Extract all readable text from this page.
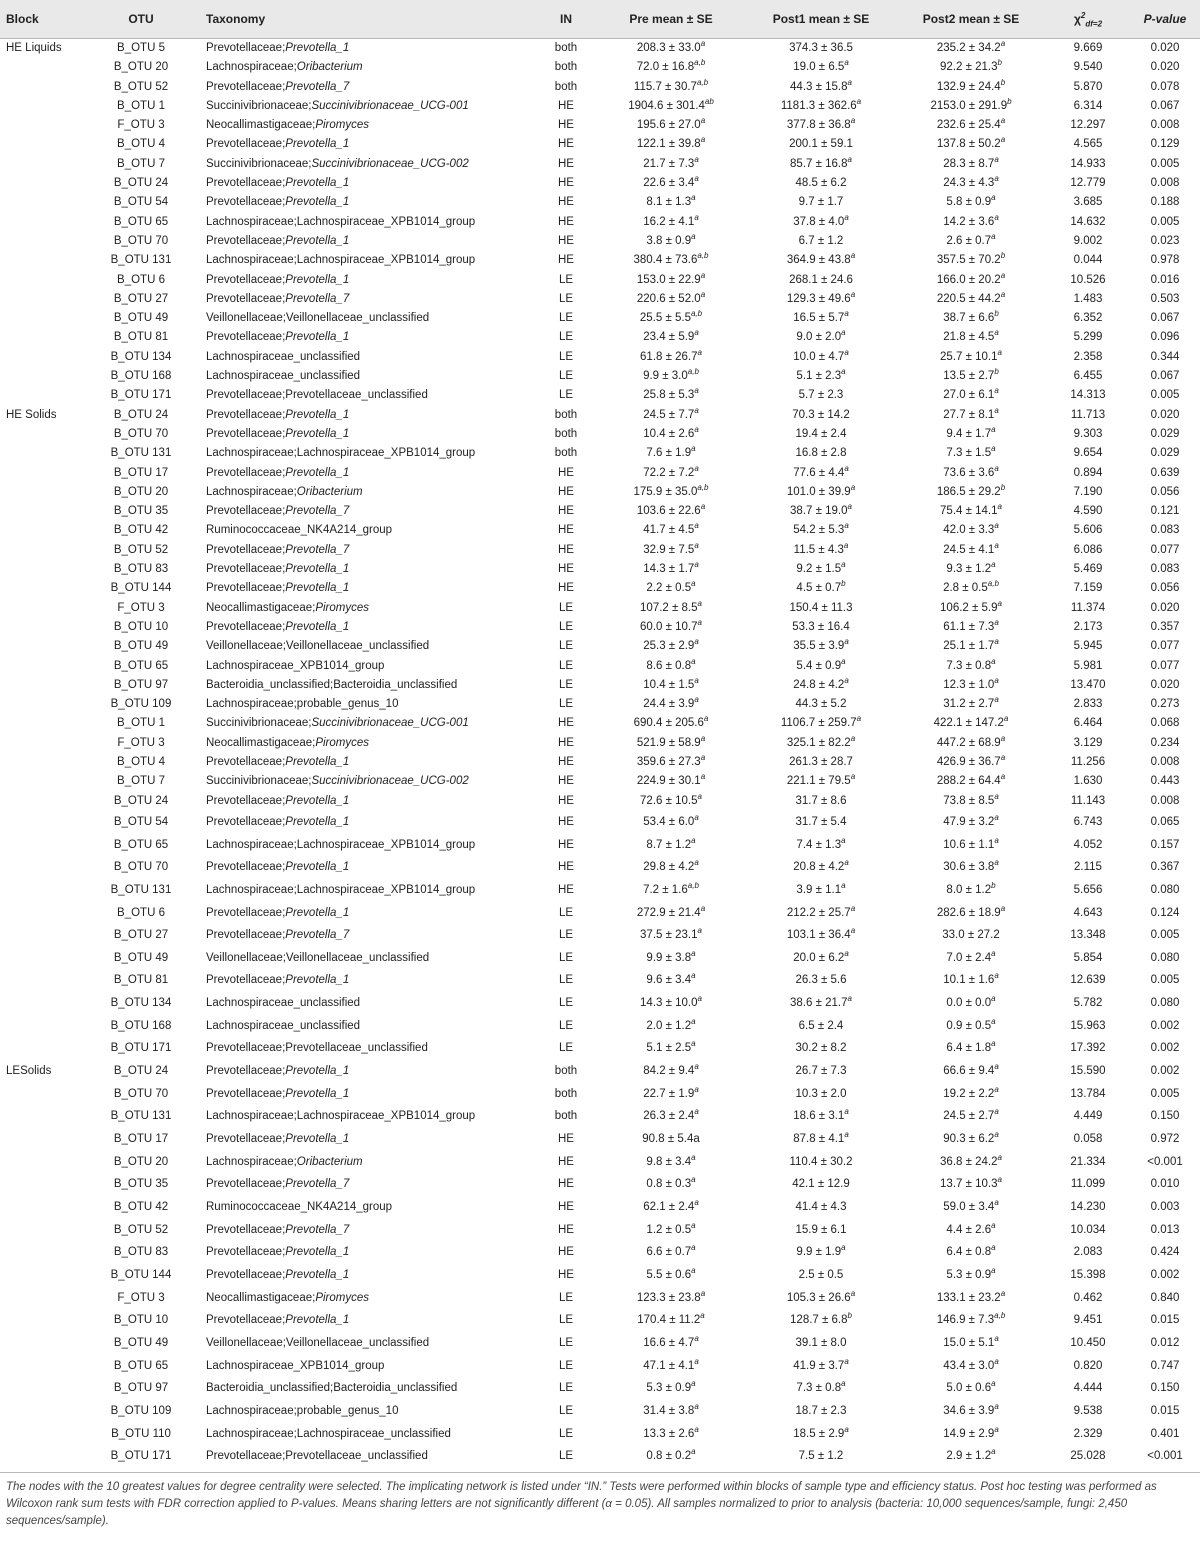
Block	OTU	Taxonomy	IN	Pre mean ± SE	Post1 mean ± SE	Post2 mean ± SE	$\chi^2_{df=2}$	P-value
HE Liquids	B_OTU 5	Prevotellaceae;Prevotella_1	both	208.3 ± 33.0$^a$	374.3 ± 36.5	235.2 ± 34.2$^a$	9.669	0.020
	B_OTU 20	Lachnospiraceae;Oribacterium	both	$72.0 \pm 16.8^{a,b}$	19.0 ± 6.5$^a$	92.2 ± 21.3$^b$	9.540	0.020
	B_OTU 52	Prevotellaceae;Prevotella_7	both	$115.7 \pm 30.7^{a,b}$	44.3 ± 15.8$^a$	132.9 ± 24.4$^b$	5.870	0.078
	B_OTU 1	Succinivibrionaceae;Succinivibrionaceae_UCG-001	HE	1904.6 ± 301.4$^{ab}$	1181.3 ± 362.6$^a$	2153.0 ± 291.9$^b$	6.314	0.067
	F_OTU 3	Neocallimastigaceae;Piromyces	HE	195.6 ± 27.0$^a$	377.8 ± 36.8$^a$	232.6 ± 25.4$^a$	12.297	0.008
	B_OTU 4	Prevotellaceae;Prevotella_1	HE	122.1 ± 39.8$^a$	200.1 ± 59.1	137.8 ± 50.2$^a$	4.565	0.129
	B_OTU 7	Succinivibrionaceae;Succinivibrionaceae_UCG-002	HE	21.7 ± 7.3$^a$	85.7 ± 16.8$^a$	28.3 ± 8.7$^a$	14.933	0.005
	B_OTU 24	Prevotellaceae;Prevotella_1	HE	22.6 ± 3.4$^a$	48.5 ± 6.2	24.3 ± 4.3$^a$	12.779	0.008
	B_OTU 54	Prevotellaceae;Prevotella_1	HE	8.1 ± 1.3$^a$	9.7 ± 1.7	5.8 ± 0.9$^a$	3.685	0.188
	B_OTU 65	Lachnospiraceae;Lachnospiraceae_XPB1014_group	HE	16.2 ± 4.1$^a$	37.8 ± 4.0$^a$	14.2 ± 3.6$^a$	14.632	0.005
	B_OTU 70	Prevotellaceae;Prevotella_1	HE	3.8 ± 0.9$^a$	6.7 ± 1.2	2.6 ± 0.7$^a$	9.002	0.023
	B_OTU 131	Lachnospiraceae;Lachnospiraceae_XPB1014_group	HE	$380.4 \pm 73.6^{a,b}$	364.9 ± 43.8$^a$	357.5 ± 70.2$^b$	0.044	0.978
	B_OTU 6	Prevotellaceae;Prevotella_1	LE	153.0 ± 22.9$^a$	268.1 ± 24.6	166.0 ± 20.2$^a$	10.526	0.016
	B_OTU 27	Prevotellaceae;Prevotella_7	LE	220.6 ± 52.0$^a$	129.3 ± 49.6$^a$	220.5 ± 44.2$^a$	1.483	0.503
	B_OTU 49	Veillonellaceae;Veillonellaceae_unclassified	LE	$25.5 \pm 5.5^{a,b}$	16.5 ± 5.7$^a$	38.7 ± 6.6$^b$	6.352	0.067
	B_OTU 81	Prevotellaceae;Prevotella_1	LE	23.4 ± 5.9$^a$	9.0 ± 2.0$^a$	21.8 ± 4.5$^a$	5.299	0.096
	B_OTU 134	Lachnospiraceae_unclassified	LE	61.8 ± 26.7$^a$	10.0 ± 4.7$^a$	25.7 ± 10.1$^a$	2.358	0.344
	B_OTU 168	Lachnospiraceae_unclassified	LE	$9.9 \pm 3.0^{a,b}$	5.1 ± 2.3$^a$	13.5 ± 2.7$^b$	6.455	0.067
	B_OTU 171	Prevotellaceae;Prevotellaceae_unclassified	LE	25.8 ± 5.3$^a$	5.7 ± 2.3	27.0 ± 6.1$^a$	14.313	0.005
HE Solids	B_OTU 24	Prevotellaceae;Prevotella_1	both	24.5 ± 7.7$^a$	70.3 ± 14.2	27.7 ± 8.1$^a$	11.713	0.020
	B_OTU 70	Prevotellaceae;Prevotella_1	both	10.4 ± 2.6$^a$	19.4 ± 2.4	9.4 ± 1.7$^a$	9.303	0.029
	B_OTU 131	Lachnospiraceae;Lachnospiraceae_XPB1014_group	both	7.6 ± 1.9$^a$	16.8 ± 2.8	7.3 ± 1.5$^a$	9.654	0.029
	B_OTU 17	Prevotellaceae;Prevotella_1	HE	72.2 ± 7.2$^a$	77.6 ± 4.4$^a$	73.6 ± 3.6$^a$	0.894	0.639
	B_OTU 20	Lachnospiraceae;Oribacterium	HE	$175.9 \pm 35.0^{a,b}$	101.0 ± 39.9$^a$	186.5 ± 29.2$^b$	7.190	0.056
	B_OTU 35	Prevotellaceae;Prevotella_7	HE	103.6 ± 22.6$^a$	38.7 ± 19.0$^a$	75.4 ± 14.1$^a$	4.590	0.121
	B_OTU 42	Ruminococcaceae_NK4A214_group	HE	41.7 ± 4.5$^a$	54.2 ± 5.3$^a$	42.0 ± 3.3$^a$	5.606	0.083
	B_OTU 52	Prevotellaceae;Prevotella_7	HE	32.9 ± 7.5$^a$	11.5 ± 4.3$^a$	24.5 ± 4.1$^a$	6.086	0.077
	B_OTU 83	Prevotellaceae;Prevotella_1	HE	14.3 ± 1.7$^a$	9.2 ± 1.5$^a$	9.3 ± 1.2$^a$	5.469	0.083
	B_OTU 144	Prevotellaceae;Prevotella_1	HE	2.2 ± 0.5$^a$	4.5 ± 0.7$^b$	$2.8 \pm 0.5^{a,b}$	7.159	0.056
	F_OTU 3	Neocallimastigaceae;Piromyces	LE	107.2 ± 8.5$^a$	150.4 ± 11.3	106.2 ± 5.9$^a$	11.374	0.020
	B_OTU 10	Prevotellaceae;Prevotella_1	LE	60.0 ± 10.7$^a$	53.3 ± 16.4	61.1 ± 7.3$^a$	2.173	0.357
	B_OTU 49	Veillonellaceae;Veillonellaceae_unclassified	LE	25.3 ± 2.9$^a$	35.5 ± 3.9$^a$	25.1 ± 1.7$^a$	5.945	0.077
	B_OTU 65	Lachnospiraceae_XPB1014_group	LE	8.6 ± 0.8$^a$	5.4 ± 0.9$^a$	7.3 ± 0.8$^a$	5.981	0.077
	B_OTU 97	Bacteroidia_unclassified;Bacteroidia_unclassified	LE	10.4 ± 1.5$^a$	24.8 ± 4.2$^a$	12.3 ± 1.0$^a$	13.470	0.020
	B_OTU 109	Lachnospiraceae;probable_genus_10	LE	24.4 ± 3.9$^a$	44.3 ± 5.2	31.2 ± 2.7$^a$	2.833	0.273
	B_OTU 1	Succinivibrionaceae;Succinivibrionaceae_UCG-001	HE	690.4 ± 205.6$^a$	1106.7 ± 259.7$^a$	422.1 ± 147.2$^a$	6.464	0.068
	F_OTU 3	Neocallimastigaceae;Piromyces	HE	521.9 ± 58.9$^a$	325.1 ± 82.2$^a$	447.2 ± 68.9$^a$	3.129	0.234
	B_OTU 4	Prevotellaceae;Prevotella_1	HE	359.6 ± 27.3$^a$	261.3 ± 28.7	426.9 ± 36.7$^a$	11.256	0.008
	B_OTU 7	Succinivibrionaceae;Succinivibrionaceae_UCG-002	HE	224.9 ± 30.1$^a$	221.1 ± 79.5$^a$	288.2 ± 64.4$^a$	1.630	0.443
	B_OTU 24	Prevotellaceae;Prevotella_1	HE	72.6 ± 10.5$^a$	31.7 ± 8.6	73.8 ± 8.5$^a$	11.143	0.008
	B_OTU 54	Prevotellaceae;Prevotella_1	HE	53.4 ± 6.0$^a$	31.7 ± 5.4	47.9 ± 3.2$^a$	6.743	0.065
	B_OTU 65	Lachnospiraceae;Lachnospiraceae_XPB1014_group	HE	8.7 ± 1.2$^a$	7.4 ± 1.3$^a$	10.6 ± 1.1$^a$	4.052	0.157
	B_OTU 70	Prevotellaceae;Prevotella_1	HE	29.8 ± 4.2$^a$	20.8 ± 4.2$^a$	30.6 ± 3.8$^a$	2.115	0.367
	B_OTU 131	Lachnospiraceae;Lachnospiraceae_XPB1014_group	HE	$7.2 \pm 1.6^{a,b}$	3.9 ± 1.1$^a$	8.0 ± 1.2$^b$	5.656	0.080
	B_OTU 6	Prevotellaceae;Prevotella_1	LE	272.9 ± 21.4$^a$	212.2 ± 25.7$^a$	282.6 ± 18.9$^a$	4.643	0.124
	B_OTU 27	Prevotellaceae;Prevotella_7	LE	37.5 ± 23.1$^a$	103.1 ± 36.4$^a$	33.0 ± 27.2	13.348	0.005
	B_OTU 49	Veillonellaceae;Veillonellaceae_unclassified	LE	9.9 ± 3.8$^a$	20.0 ± 6.2$^a$	7.0 ± 2.4$^a$	5.854	0.080
	B_OTU 81	Prevotellaceae;Prevotella_1	LE	9.6 ± 3.4$^a$	26.3 ± 5.6	10.1 ± 1.6$^a$	12.639	0.005
	B_OTU 134	Lachnospiraceae_unclassified	LE	14.3 ± 10.0$^a$	38.6 ± 21.7$^a$	0.0 ± 0.0$^a$	5.782	0.080
	B_OTU 168	Lachnospiraceae_unclassified	LE	2.0 ± 1.2$^a$	6.5 ± 2.4	0.9 ± 0.5$^a$	15.963	0.002
	B_OTU 171	Prevotellaceae;Prevotellaceae_unclassified	LE	5.1 ± 2.5$^a$	30.2 ± 8.2	6.4 ± 1.8$^a$	17.392	0.002
LESolids	B_OTU 24	Prevotellaceae;Prevotella_1	both	84.2 ± 9.4$^a$	26.7 ± 7.3	66.6 ± 9.4$^a$	15.590	0.002
	B_OTU 70	Prevotellaceae;Prevotella_1	both	22.7 ± 1.9$^a$	10.3 ± 2.0	19.2 ± 2.2$^a$	13.784	0.005
	B_OTU 131	Lachnospiraceae;Lachnospiraceae_XPB1014_group	both	26.3 ± 2.4$^a$	18.6 ± 3.1$^a$	24.5 ± 2.7$^a$	4.449	0.150
	B_OTU 17	Prevotellaceae;Prevotella_1	HE	90.8 ± 5.4a	87.8 ± 4.1$^a$	90.3 ± 6.2$^a$	0.058	0.972
	B_OTU 20	Lachnospiraceae;Oribacterium	HE	9.8 ± 3.4$^a$	110.4 ± 30.2	36.8 ± 24.2$^a$	21.334	<0.001
	B_OTU 35	Prevotellaceae;Prevotella_7	HE	0.8 ± 0.3$^a$	42.1 ± 12.9	13.7 ± 10.3$^a$	11.099	0.010
	B_OTU 42	Ruminococcaceae_NK4A214_group	HE	62.1 ± 2.4$^a$	41.4 ± 4.3	59.0 ± 3.4$^a$	14.230	0.003
	B_OTU 52	Prevotellaceae;Prevotella_7	HE	1.2 ± 0.5$^a$	15.9 ± 6.1	4.4 ± 2.6$^a$	10.034	0.013
	B_OTU 83	Prevotellaceae;Prevotella_1	HE	6.6 ± 0.7$^a$	9.9 ± 1.9$^a$	6.4 ± 0.8$^a$	2.083	0.424
	B_OTU 144	Prevotellaceae;Prevotella_1	HE	5.5 ± 0.6$^a$	2.5 ± 0.5	5.3 ± 0.9$^a$	15.398	0.002
	F_OTU 3	Neocallimastigaceae;Piromyces	LE	123.3 ± 23.8$^a$	105.3 ± 26.6$^a$	133.1 ± 23.2$^a$	0.462	0.840
	B_OTU 10	Prevotellaceae;Prevotella_1	LE	170.4 ± 11.2$^a$	128.7 ± 6.8$^b$	$146.9 \pm 7.3^{a,b}$	9.451	0.015
	B_OTU 49	Veillonellaceae;Veillonellaceae_unclassified	LE	16.6 ± 4.7$^a$	39.1 ± 8.0	15.0 ± 5.1$^a$	10.450	0.012
	B_OTU 65	Lachnospiraceae_XPB1014_group	LE	47.1 ± 4.1$^a$	41.9 ± 3.7$^a$	43.4 ± 3.0$^a$	0.820	0.747
	B_OTU 97	Bacteroidia_unclassified;Bacteroidia_unclassified	LE	5.3 ± 0.9$^a$	7.3 ± 0.8$^a$	5.0 ± 0.6$^a$	4.444	0.150
	B_OTU 109	Lachnospiraceae;probable_genus_10	LE	31.4 ± 3.8$^a$	18.7 ± 2.3	34.6 ± 3.9$^a$	9.538	0.015
	B_OTU 110	Lachnospiraceae;Lachnospiraceae_unclassified	LE	13.3 ± 2.6$^a$	18.5 ± 2.9$^a$	14.9 ± 2.9$^a$	2.329	0.401
	B_OTU 171	Prevotellaceae;Prevotellaceae_unclassified	LE	0.8 ± 0.2$^a$	7.5 ± 1.2	2.9 ± 1.2$^a$	25.028	<0.001
The nodes with the 10 greatest values for degree centrality were selected. The implicating network is listed under “IN.” Tests were performed within blocks of sample type and efficiency status. Post hoc testing was performed as Wilcoxon rank sum tests with FDR correction applied to P-values. Means sharing letters are not significantly different (α = 0.05). All samples normalized to prior to analysis (bacteria: 10,000 sequences/sample, fungi: 2,450 sequences/sample).
